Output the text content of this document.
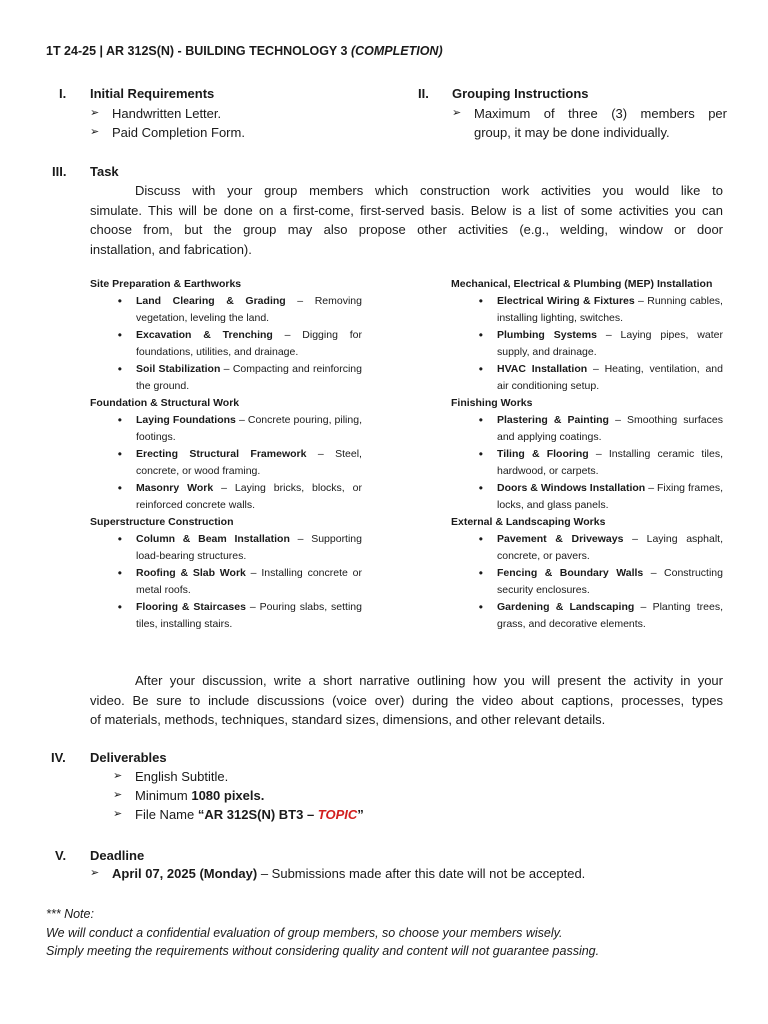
1T 24-25 | AR 312S(N) - BUILDING TECHNOLOGY 3 (COMPLETION)
I. Initial Requirements
➢ Handwritten Letter.
➢ Paid Completion Form.
II. Grouping Instructions
➢ Maximum of three (3) members per
group, it may be done individually.
III. Task
Discuss with your group members which construction work activities you would like to
simulate. This will be done on a first-come, first-served basis. Below is a list of some activities you can
choose from, but the group may also propose other activities (e.g., welding, window or door
installation, and fabrication).
Site Preparation & Earthworks
•	Land Clearing & Grading – Removing vegetation, leveling the land.
•	Excavation & Trenching – Digging for foundations, utilities, and drainage.
•	Soil Stabilization – Compacting and reinforcing the ground.
Foundation & Structural Work
•	Laying Foundations – Concrete pouring, piling, footings.
•	Erecting Structural Framework – Steel, concrete, or wood framing.
•	Masonry Work – Laying bricks, blocks, or reinforced concrete walls.
Superstructure Construction
•	Column & Beam Installation – Supporting load-bearing structures.
•	Roofing & Slab Work – Installing concrete or metal roofs.
•	Flooring & Staircases – Pouring slabs, setting tiles, installing stairs.
Mechanical, Electrical & Plumbing (MEP) Installation
•	Electrical Wiring & Fixtures – Running cables, installing lighting, switches.
•	Plumbing Systems – Laying pipes, water supply, and drainage.
•	HVAC Installation – Heating, ventilation, and air conditioning setup.
Finishing Works
•	Plastering & Painting – Smoothing surfaces and applying coatings.
•	Tiling & Flooring – Installing ceramic tiles, hardwood, or carpets.
•	Doors & Windows Installation – Fixing frames, locks, and glass panels.
External & Landscaping Works
•	Pavement & Driveways – Laying asphalt, concrete, or pavers.
•	Fencing & Boundary Walls – Constructing security enclosures.
•	Gardening & Landscaping – Planting trees, grass, and decorative elements.
After your discussion, write a short narrative outlining how you will present the activity in your
video. Be sure to include discussions (voice over) during the video about captions, processes, types
of materials, methods, techniques, standard sizes, dimensions, and other relevant details.
IV. Deliverables
➢ English Subtitle.
➢ Minimum 1080 pixels.
➢ File Name “AR 312S(N) BT3 – TOPIC”
V. Deadline
➢ April 07, 2025 (Monday) – Submissions made after this date will not be accepted.
*** Note:
We will conduct a confidential evaluation of group members, so choose your members wisely.
Simply meeting the requirements without considering quality and content will not guarantee passing.
